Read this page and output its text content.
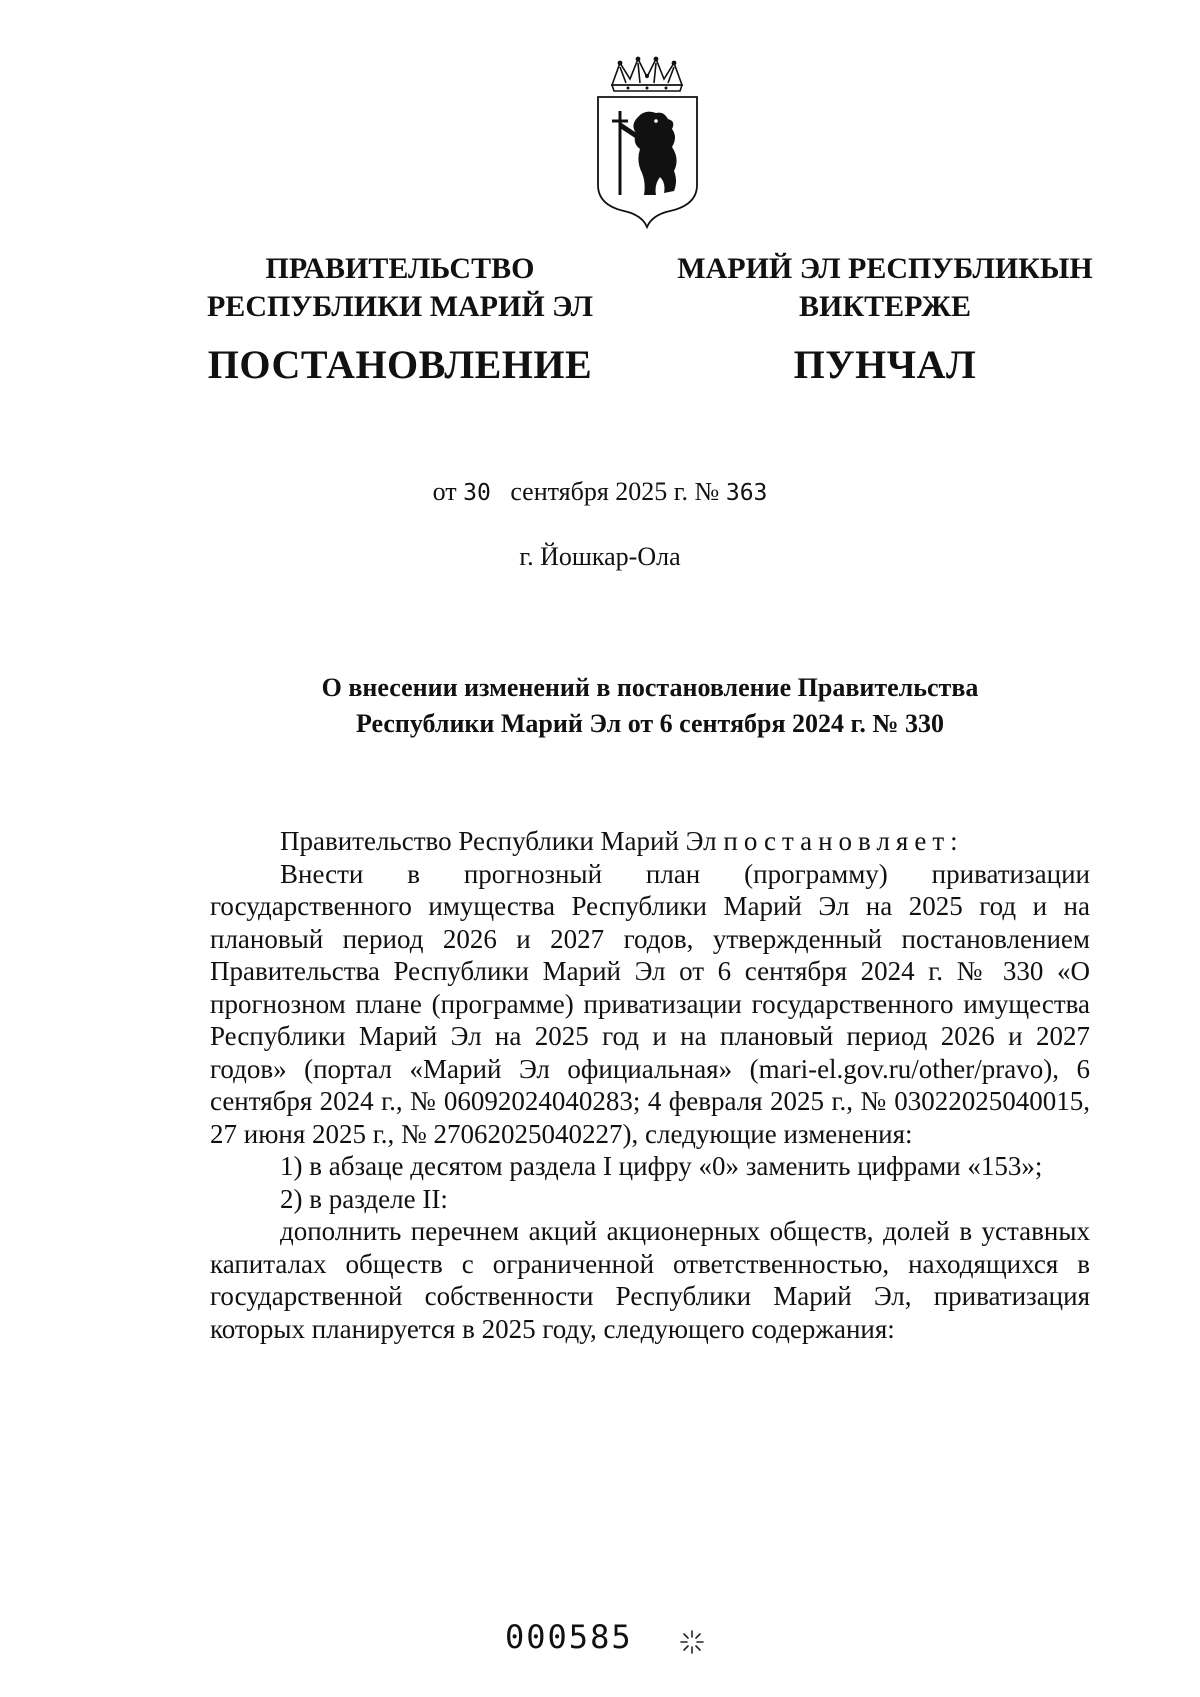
ПРАВИТЕЛЬСТВО
РЕСПУБЛИКИ МАРИЙ ЭЛ
ПОСТАНОВЛЕНИЕ
МАРИЙ ЭЛ РЕСПУБЛИКЫН
ВИКТЕРЖЕ
ПУНЧАЛ
от 30 сентября 2025 г. № 363
г. Йошкар-Ола
О внесении изменений в постановление Правительства
Республики Марий Эл от 6 сентября 2024 г. № 330

Правительство Республики Марий Эл постановляет:

Внести в прогнозный план (программу) приватизации государственного имущества Республики Марий Эл на 2025 год и на плановый период 2026 и 2027 годов, утвержденный постановлением Правительства Республики Марий Эл от 6 сентября 2024 г. № 330 «О прогнозном плане (программе) приватизации государственного имущества Республики Марий Эл на 2025 год и на плановый период 2026 и 2027 годов» (портал «Марий Эл официальная» (mari-el.gov.ru/other/pravo), 6 сентября 2024 г., № 06092024040283; 4 февраля 2025 г., № 03022025040015, 27 июня 2025 г., № 27062025040227), следующие изменения:

1) в абзаце десятом раздела I цифру «0» заменить цифрами «153»;

2) в разделе II:

дополнить перечнем акций акционерных обществ, долей в уставных капиталах обществ с ограниченной ответственностью, находящихся в государственной собственности Республики Марий Эл, приватизация которых планируется в 2025 году, следующего содержания:

000585
